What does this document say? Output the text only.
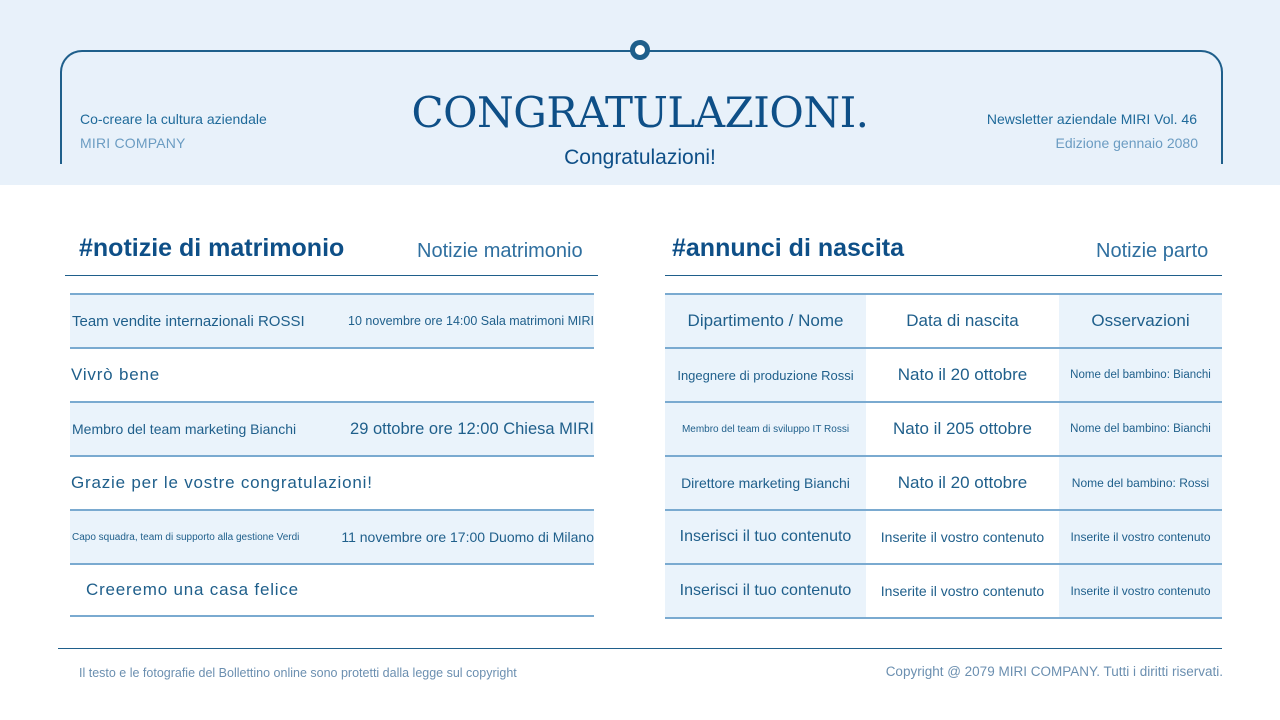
Co-creare la cultura aziendale
MIRI COMPANY
CONGRATULAZIONI.
Congratulazioni!
Newsletter aziendale MIRI Vol. 46
Edizione gennaio 2080
#notizie di matrimonio	Notizie matrimonio
Team vendite internazionali ROSSI	10 novembre ore 14:00 Sala matrimoni MIRI
Vivrò bene
Membro del team marketing Bianchi	29 ottobre ore 12:00 Chiesa MIRI
Grazie per le vostre congratulazioni!
Capo squadra, team di supporto alla gestione Verdi	11 novembre ore 17:00 Duomo di Milano
Creeremo una casa felice
#annunci di nascita	Notizie parto
Dipartimento / Nome	Data di nascita	Osservazioni
Ingegnere di produzione Rossi	Nato il 20 ottobre	Nome del bambino: Bianchi
Membro del team di sviluppo IT Rossi	Nato il 205 ottobre	Nome del bambino: Bianchi
Direttore marketing Bianchi	Nato il 20 ottobre	Nome del bambino: Rossi
Inserisci il tuo contenuto	Inserite il vostro contenuto	Inserite il vostro contenuto
Inserisci il tuo contenuto	Inserite il vostro contenuto	Inserite il vostro contenuto
Il testo e le fotografie del Bollettino online sono protetti dalla legge sul copyright	Copyright @ 2079 MIRI COMPANY. Tutti i diritti riservati.
